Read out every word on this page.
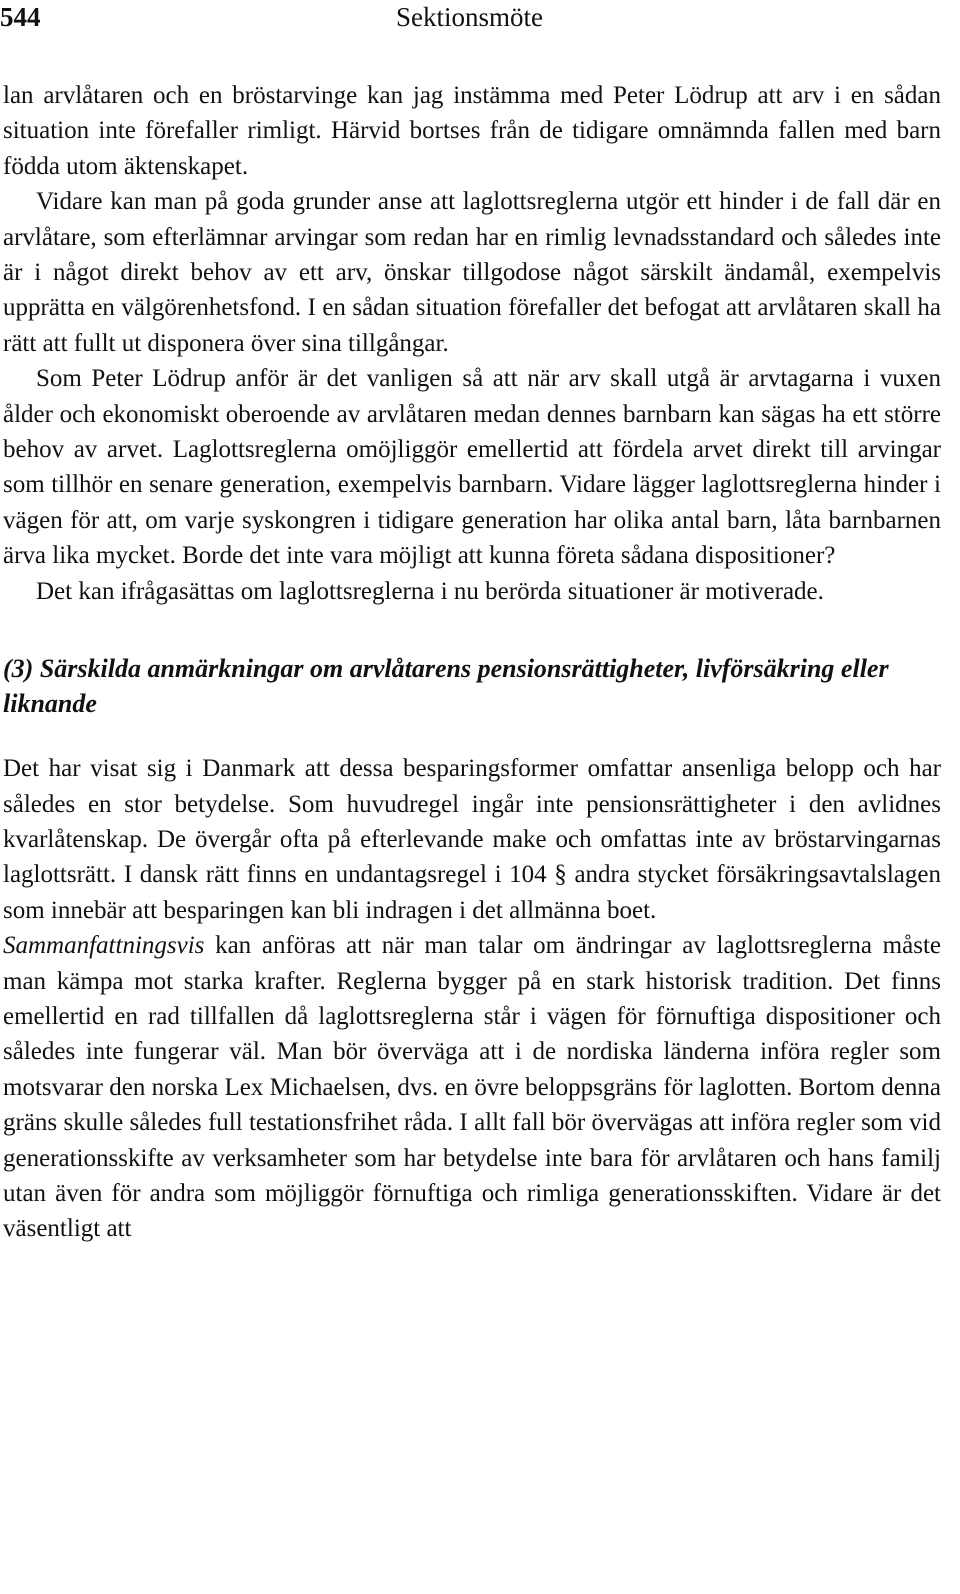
544	Sektionsmöte

lan arvlåtaren och en bröstarvinge kan jag instämma med Peter Lödrup att arv i en sådan situation inte förefaller rimligt. Härvid bortses från de tidigare omnämnda fallen med barn födda utom äktenskapet.

Vidare kan man på goda grunder anse att laglottsreglerna utgör ett hinder i de fall där en arvlåtare, som efterlämnar arvingar som redan har en rimlig levnadsstandard och således inte är i något direkt behov av ett arv, önskar tillgodose något särskilt ändamål, exempelvis upprätta en välgörenhetsfond. I en sådan situation förefaller det befogat att arvlåtaren skall ha rätt att fullt ut disponera över sina tillgångar.

Som Peter Lödrup anför är det vanligen så att när arv skall utgå är arvtagarna i vuxen ålder och ekonomiskt oberoende av arvlåtaren medan dennes barnbarn kan sägas ha ett större behov av arvet. Laglottsreglerna omöjliggör emellertid att fördela arvet direkt till arvingar som tillhör en senare generation, exempelvis barnbarn. Vidare lägger laglottsreglerna hinder i vägen för att, om varje syskongren i tidigare generation har olika antal barn, låta barnbarnen ärva lika mycket. Borde det inte vara möjligt att kunna företa sådana dispositioner?

Det kan ifrågasättas om laglottsreglerna i nu berörda situationer är motiverade.

(3) Särskilda anmärkningar om arvlåtarens pensionsrättigheter, livförsäkring eller liknande

Det har visat sig i Danmark att dessa besparingsformer omfattar ansenliga belopp och har således en stor betydelse. Som huvudregel ingår inte pensionsrättigheter i den avlidnes kvarlåtenskap. De övergår ofta på efterlevande make och omfattas inte av bröstarvingarnas laglottsrätt. I dansk rätt finns en undantagsregel i 104 § andra stycket försäkringsavtalslagen som innebär att besparingen kan bli indragen i det allmänna boet.

Sammanfattningsvis kan anföras att när man talar om ändringar av laglottsreglerna måste man kämpa mot starka krafter. Reglerna bygger på en stark historisk tradition. Det finns emellertid en rad tillfallen då laglottsreglerna står i vägen för förnuftiga dispositioner och således inte fungerar väl. Man bör överväga att i de nordiska länderna införa regler som motsvarar den norska Lex Michaelsen, dvs. en övre beloppsgräns för laglotten. Bortom denna gräns skulle således full testationsfrihet råda. I allt fall bör övervägas att införa regler som vid generationsskifte av verksamheter som har betydelse inte bara för arvlåtaren och hans familj utan även för andra som möjliggör förnuftiga och rimliga generationsskiften. Vidare är det väsentligt att
